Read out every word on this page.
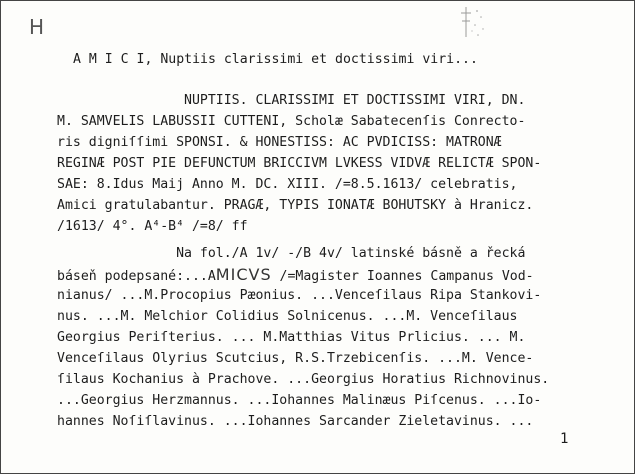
H
A M I C I, Nuptiis clarissimi et doctissimi viri...
NUPTIIS. CLARISSIMI ET DOCTISSIMI VIRI, DN.
M. SAMVELIS LABUSSII CUTTENI, Scholæ Sabatecenſis Conrecto-
ris digniſſimi SPONSI. & HONESTISS: AC PVDICISS: MATRONÆ
REGINÆ POST PIE DEFUNCTUM BRICCIVM LVKESS VIDVÆ RELICTÆ SPON-
SAE: 8.Idus Maij Anno M. DC. XIII. /=8.5.1613/ celebratis,
Amici gratulabantur. PRAGÆ, TYPIS IONATÆ BOHUTSKY à Hranicz.
/1613/ 4°. A⁴-B⁴ /=8/ ff
Na fol./A 1v/ -/B 4v/ latinské básně a řecká
báseň podepsané:...AMICVS /=Magister Ioannes Campanus Vod-
nianus/ ...M.Procopius Pæonius. ...Venceſilaus Ripa Stankovi-
nus. ...M. Melchior Colidius Solnicenus. ...M. Venceſilaus
Georgius Periſterius. ... M.Matthias Vitus Prlicius. ... M.
Venceſilaus Olyrius Scutcius, R.S.Trzebicenſis. ...M. Vence-
ſilaus Kochanius à Prachove. ...Georgius Horatius Richnovinus.
...Georgius Herzmannus. ...Iohannes Malinæus Piſcenus. ...Io-
hannes Noſiſlavinus. ...Iohannes Sarcander Zieletavinus. ...
1
